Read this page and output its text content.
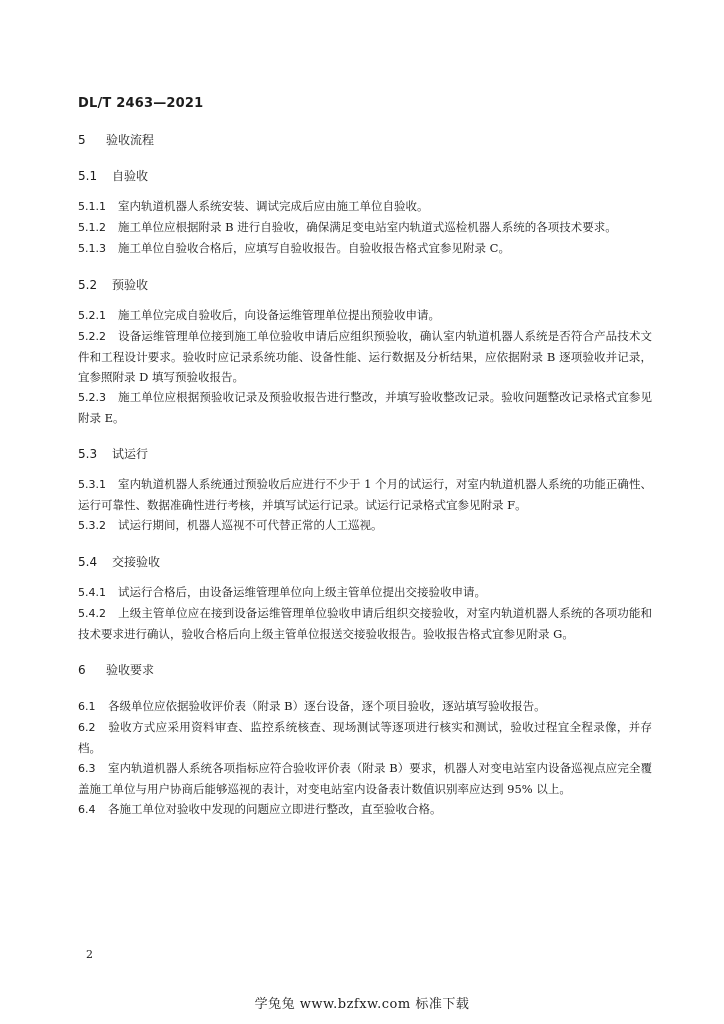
DL/T 2463—2021
5 验收流程
5.1 自验收

5.1.1 室内轨道机器人系统安装、调试完成后应由施工单位自验收。

5.1.2 施工单位应根据附录 B 进行自验收，确保满足变电站室内轨道式巡检机器人系统的各项技术要求。

5.1.3 施工单位自验收合格后，应填写自验收报告。自验收报告格式宜参见附录 C。

5.2 预验收

5.2.1 施工单位完成自验收后，向设备运维管理单位提出预验收申请。

5.2.2 设备运维管理单位接到施工单位验收申请后应组织预验收，确认室内轨道机器人系统是否符合产品技术文件和工程设计要求。验收时应记录系统功能、设备性能、运行数据及分析结果，应依据附录 B 逐项验收并记录，宜参照附录 D 填写预验收报告。

5.2.3 施工单位应根据预验收记录及预验收报告进行整改，并填写验收整改记录。验收问题整改记录格式宜参见附录 E。

5.3 试运行

5.3.1 室内轨道机器人系统通过预验收后应进行不少于 1 个月的试运行，对室内轨道机器人系统的功能正确性、运行可靠性、数据准确性进行考核，并填写试运行记录。试运行记录格式宜参见附录 F。

5.3.2 试运行期间，机器人巡视不可代替正常的人工巡视。

5.4 交接验收

5.4.1 试运行合格后，由设备运维管理单位向上级主管单位提出交接验收申请。

5.4.2 上级主管单位应在接到设备运维管理单位验收申请后组织交接验收，对室内轨道机器人系统的各项功能和技术要求进行确认，验收合格后向上级主管单位报送交接验收报告。验收报告格式宜参见附录 G。

6 验收要求

6.1 各级单位应依据验收评价表（附录 B）逐台设备，逐个项目验收，逐站填写验收报告。

6.2 验收方式应采用资料审查、监控系统核查、现场测试等逐项进行核实和测试，验收过程宜全程录像，并存档。

6.3 室内轨道机器人系统各项指标应符合验收评价表（附录 B）要求，机器人对变电站室内设备巡视点应完全覆盖施工单位与用户协商后能够巡视的表计，对变电站室内设备表计数值识别率应达到 95% 以上。

6.4 各施工单位对验收中发现的问题应立即进行整改，直至验收合格。

2
学兔兔 www.bzfxw.com 标准下载
